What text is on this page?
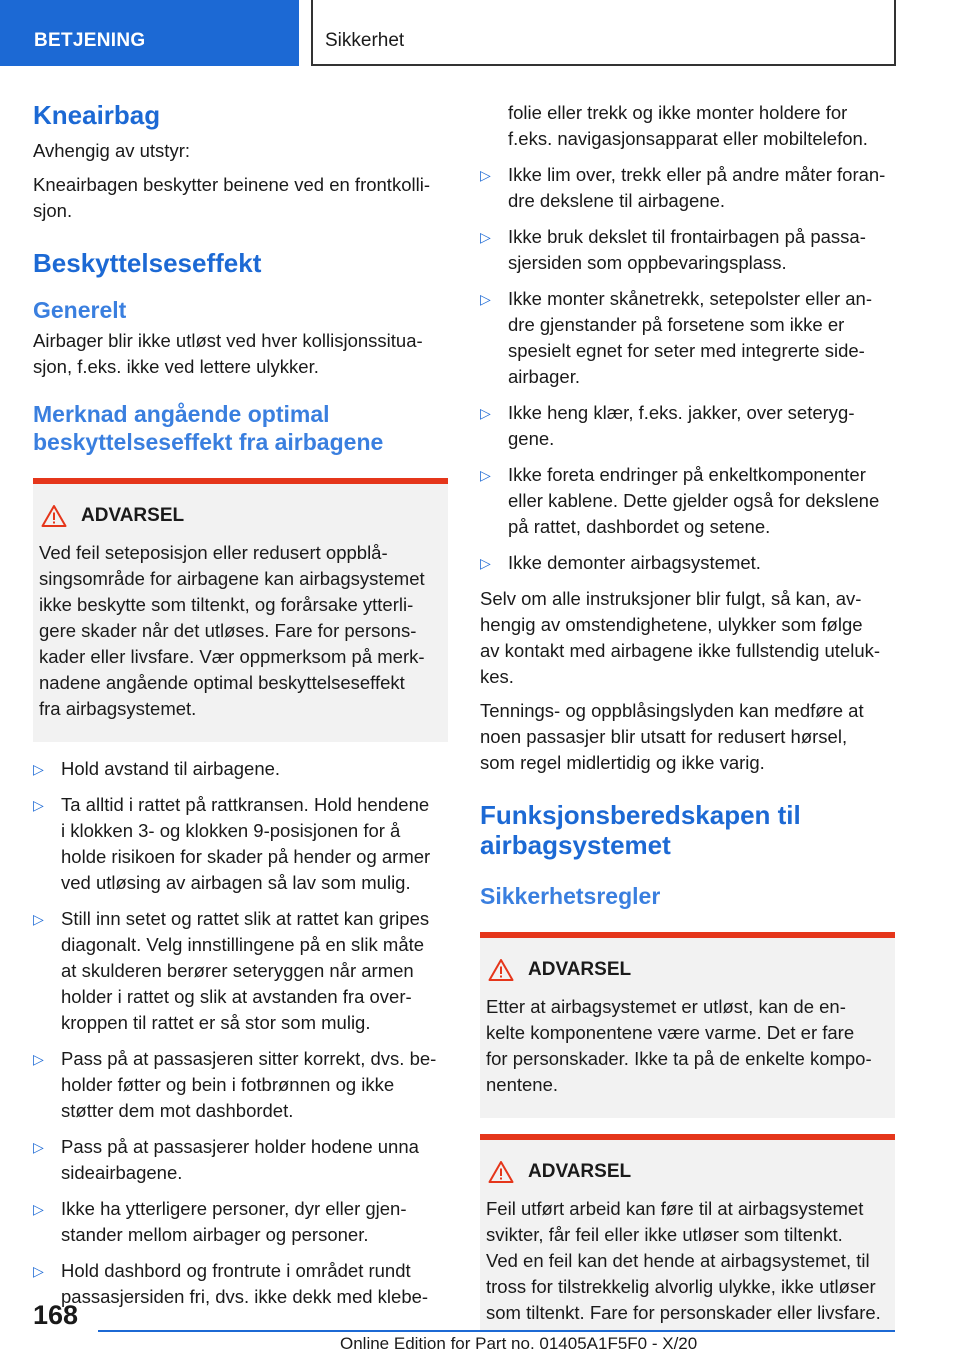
BETJENING	Sikkerhet
Kneairbag

Avhengig av utstyr:

Kneairbagen beskytter beinene ved en frontkolli-
sjon.

Beskyttelseseffekt
Generelt

Airbager blir ikke utløst ved hver kollisjonssitua-
sjon, f.eks. ikke ved lettere ulykker.

Merknad angående optimal
beskyttelseseffekt fra airbagene
ADVARSEL
Ved feil seteposisjon eller redusert oppblå-
singsområde for airbagene kan airbagsystemet
ikke beskytte som tiltenkt, og forårsake ytterli-
gere skader når det utløses. Fare for persons-
kader eller livsfare. Vær oppmerksom på merk-
nadene angående optimal beskyttelseseffekt
fra airbagsystemet.
▷ Hold avstand til airbagene.
▷ Ta alltid i rattet på rattkransen. Hold hendene
i klokken 3- og klokken 9-posisjonen for å
holde risikoen for skader på hender og armer
ved utløsing av airbagen så lav som mulig.
▷ Still inn setet og rattet slik at rattet kan gripes
diagonalt. Velg innstillingene på en slik måte
at skulderen berører seteryggen når armen
holder i rattet og slik at avstanden fra over-
kroppen til rattet er så stor som mulig.
▷ Pass på at passasjeren sitter korrekt, dvs. be-
holder føtter og bein i fotbrønnen og ikke
støtter dem mot dashbordet.
▷ Pass på at passasjerer holder hodene unna
sideairbagene.
▷ Ikke ha ytterligere personer, dyr eller gjen-
stander mellom airbager og personer.
▷ Hold dashbord og frontrute i området rundt
passasjersiden fri, dvs. ikke dekk med klebe-

folie eller trekk og ikke monter holdere for
f.eks. navigasjonsapparat eller mobiltelefon.

▷ Ikke lim over, trekk eller på andre måter foran-
dre dekslene til airbagene.
▷ Ikke bruk dekslet til frontairbagen på passa-
sjersiden som oppbevaringsplass.
▷ Ikke monter skånetrekk, setepolster eller an-
dre gjenstander på forsetene som ikke er
spesielt egnet for seter med integrerte side-
airbager.
▷ Ikke heng klær, f.eks. jakker, over seteryg-
gene.
▷ Ikke foreta endringer på enkeltkomponenter
eller kablene. Dette gjelder også for dekslene
på rattet, dashbordet og setene.
▷ Ikke demonter airbagsystemet.

Selv om alle instruksjoner blir fulgt, så kan, av-
hengig av omstendighetene, ulykker som følge
av kontakt med airbagene ikke fullstendig uteluk-
kes.

Tennings- og oppblåsingslyden kan medføre at
noen passasjer blir utsatt for redusert hørsel,
som regel midlertidig og ikke varig.

Funksjonsberedskapen til
airbagsystemet
Sikkerhetsregler
ADVARSEL
Etter at airbagsystemet er utløst, kan de en-
kelte komponentene være varme. Det er fare
for personskader. Ikke ta på de enkelte kompo-
nentene.
ADVARSEL
Feil utført arbeid kan føre til at airbagsystemet
svikter, får feil eller ikke utløser som tiltenkt.
Ved en feil kan det hende at airbagsystemet, til
tross for tilstrekkelig alvorlig ulykke, ikke utløser
som tiltenkt. Fare for personskader eller livsfare.
168
Online Edition for Part no. 01405A1F5F0 - X/20
